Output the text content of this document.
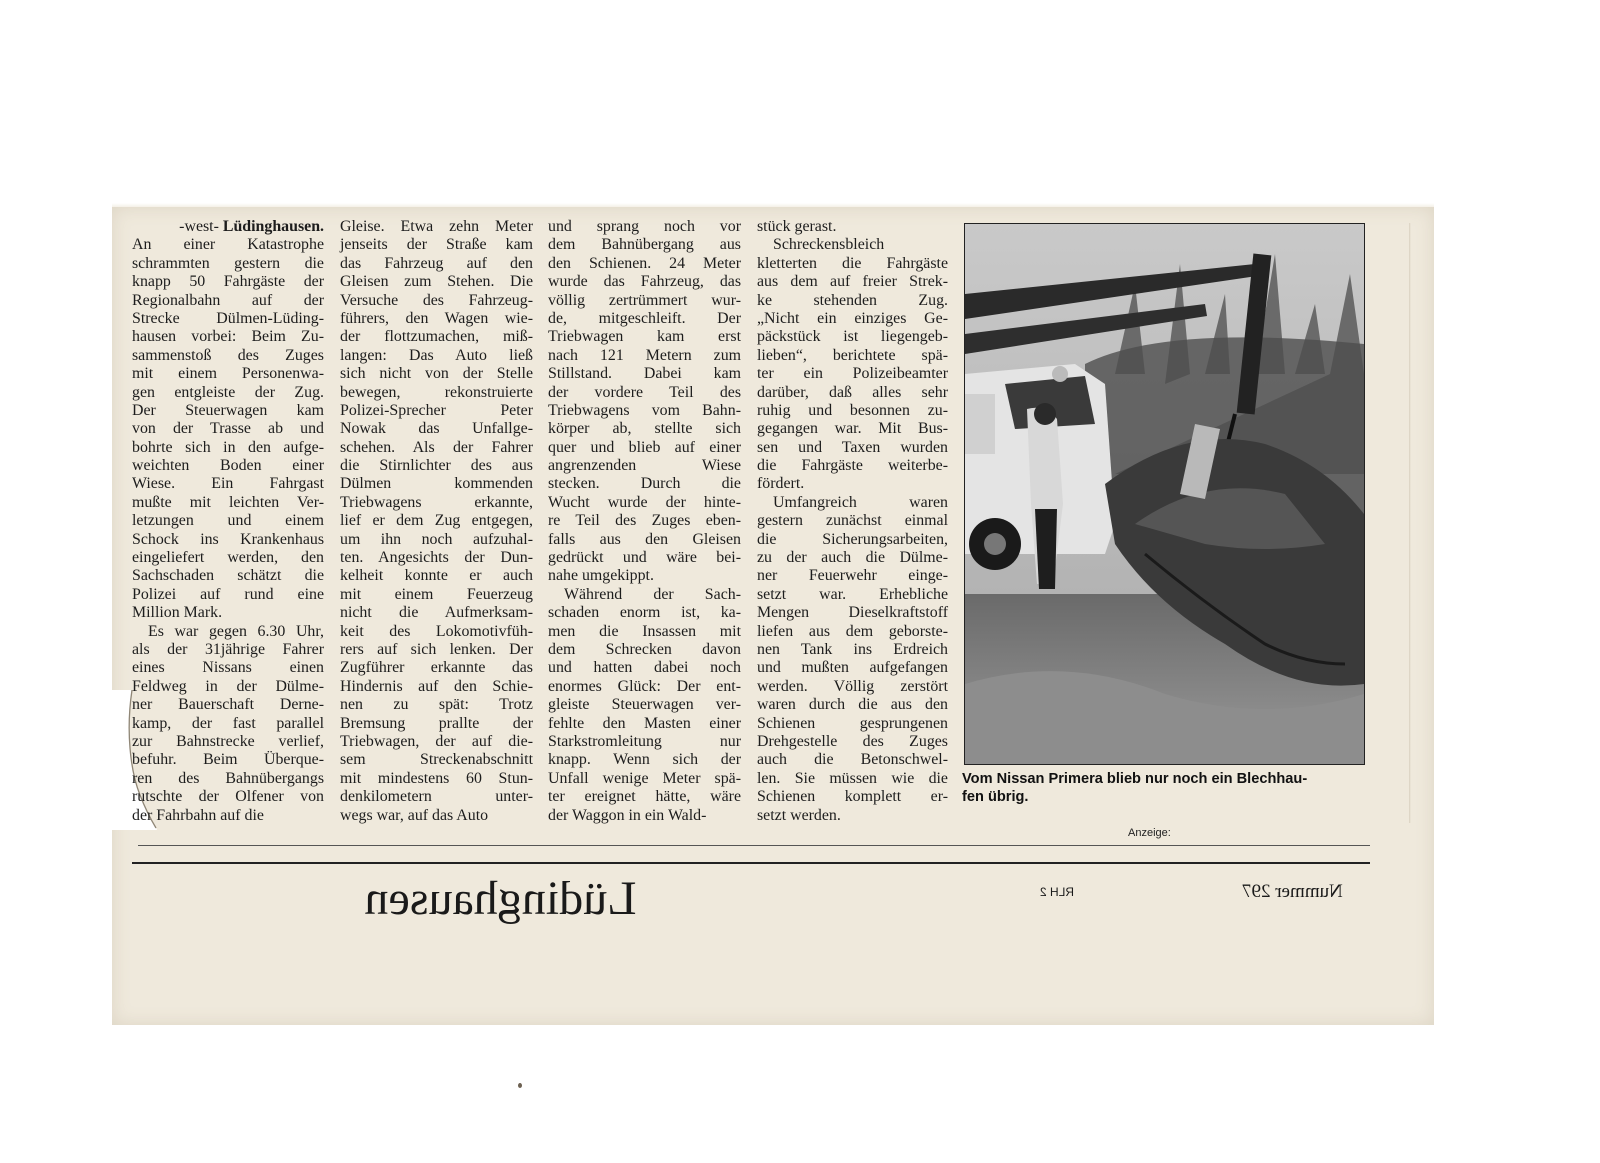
-west- Lüdinghausen.
An einer Katastrophe
schrammten gestern die
knapp 50 Fahrgäste der
Regionalbahn auf der
Strecke Dülmen-Lüding-
hausen vorbei: Beim Zu-
sammenstoß des Zuges
mit einem Personenwa-
gen entgleiste der Zug.
Der Steuerwagen kam
von der Trasse ab und
bohrte sich in den aufge-
weichten Boden einer
Wiese. Ein Fahrgast
mußte mit leichten Ver-
letzungen und einem
Schock ins Krankenhaus
eingeliefert werden, den
Sachschaden schätzt die
Polizei auf rund eine
Million Mark.
Es war gegen 6.30 Uhr,
als der 31jährige Fahrer
eines Nissans einen
Feldweg in der Dülme-
ner Bauerschaft Derne-
kamp, der fast parallel
zur Bahnstrecke verlief,
befuhr. Beim Überque-
ren des Bahnübergangs
rutschte der Olfener von
der Fahrbahn auf die
Gleise. Etwa zehn Meter
jenseits der Straße kam
das Fahrzeug auf den
Gleisen zum Stehen. Die
Versuche des Fahrzeug-
führers, den Wagen wie-
der flottzumachen, miß-
langen: Das Auto ließ
sich nicht von der Stelle
bewegen, rekonstruierte
Polizei-Sprecher Peter
Nowak das Unfallge-
schehen. Als der Fahrer
die Stirnlichter des aus
Dülmen kommenden
Triebwagens erkannte,
lief er dem Zug entgegen,
um ihn noch aufzuhal-
ten. Angesichts der Dun-
kelheit konnte er auch
mit einem Feuerzeug
nicht die Aufmerksam-
keit des Lokomotivfüh-
rers auf sich lenken. Der
Zugführer erkannte das
Hindernis auf den Schie-
nen zu spät: Trotz
Bremsung prallte der
Triebwagen, der auf die-
sem Streckenabschnitt
mit mindestens 60 Stun-
denkilometern unter-
wegs war, auf das Auto
und sprang noch vor
dem Bahnübergang aus
den Schienen. 24 Meter
wurde das Fahrzeug, das
völlig zertrümmert wur-
de, mitgeschleift. Der
Triebwagen kam erst
nach 121 Metern zum
Stillstand. Dabei kam
der vordere Teil des
Triebwagens vom Bahn-
körper ab, stellte sich
quer und blieb auf einer
angrenzenden Wiese
stecken. Durch die
Wucht wurde der hinte-
re Teil des Zuges eben-
falls aus den Gleisen
gedrückt und wäre bei-
nahe umgekippt.
Während der Sach-
schaden enorm ist, ka-
men die Insassen mit
dem Schrecken davon
und hatten dabei noch
enormes Glück: Der ent-
gleiste Steuerwagen ver-
fehlte den Masten einer
Starkstromleitung nur
knapp. Wenn sich der
Unfall wenige Meter spä-
ter ereignet hätte, wäre
der Waggon in ein Wald-
stück gerast.
Schreckensbleich
kletterten die Fahrgäste
aus dem auf freier Strek-
ke stehenden Zug.
„Nicht ein einziges Ge-
päckstück ist liegengeb-
lieben“, berichtete spä-
ter ein Polizeibeamter
darüber, daß alles sehr
ruhig und besonnen zu-
gegangen war. Mit Bus-
sen und Taxen wurden
die Fahrgäste weiterbe-
fördert.
Umfangreich waren
gestern zunächst einmal
die Sicherungsarbeiten,
zu der auch die Dülme-
ner Feuerwehr einge-
setzt war. Erhebliche
Mengen Dieselkraftstoff
liefen aus dem geborste-
nen Tank ins Erdreich
und mußten aufgefangen
werden. Völlig zerstört
waren durch die aus den
Schienen gesprungenen
Drehgestelle des Zuges
auch die Betonschwel-
len. Sie müssen wie die
Schienen komplett er-
setzt werden.
Vom Nissan Primera blieb nur noch ein Blechhau-
fen übrig.
Anzeige:
Lüdinghausen	RLH 2	Nummer 297
